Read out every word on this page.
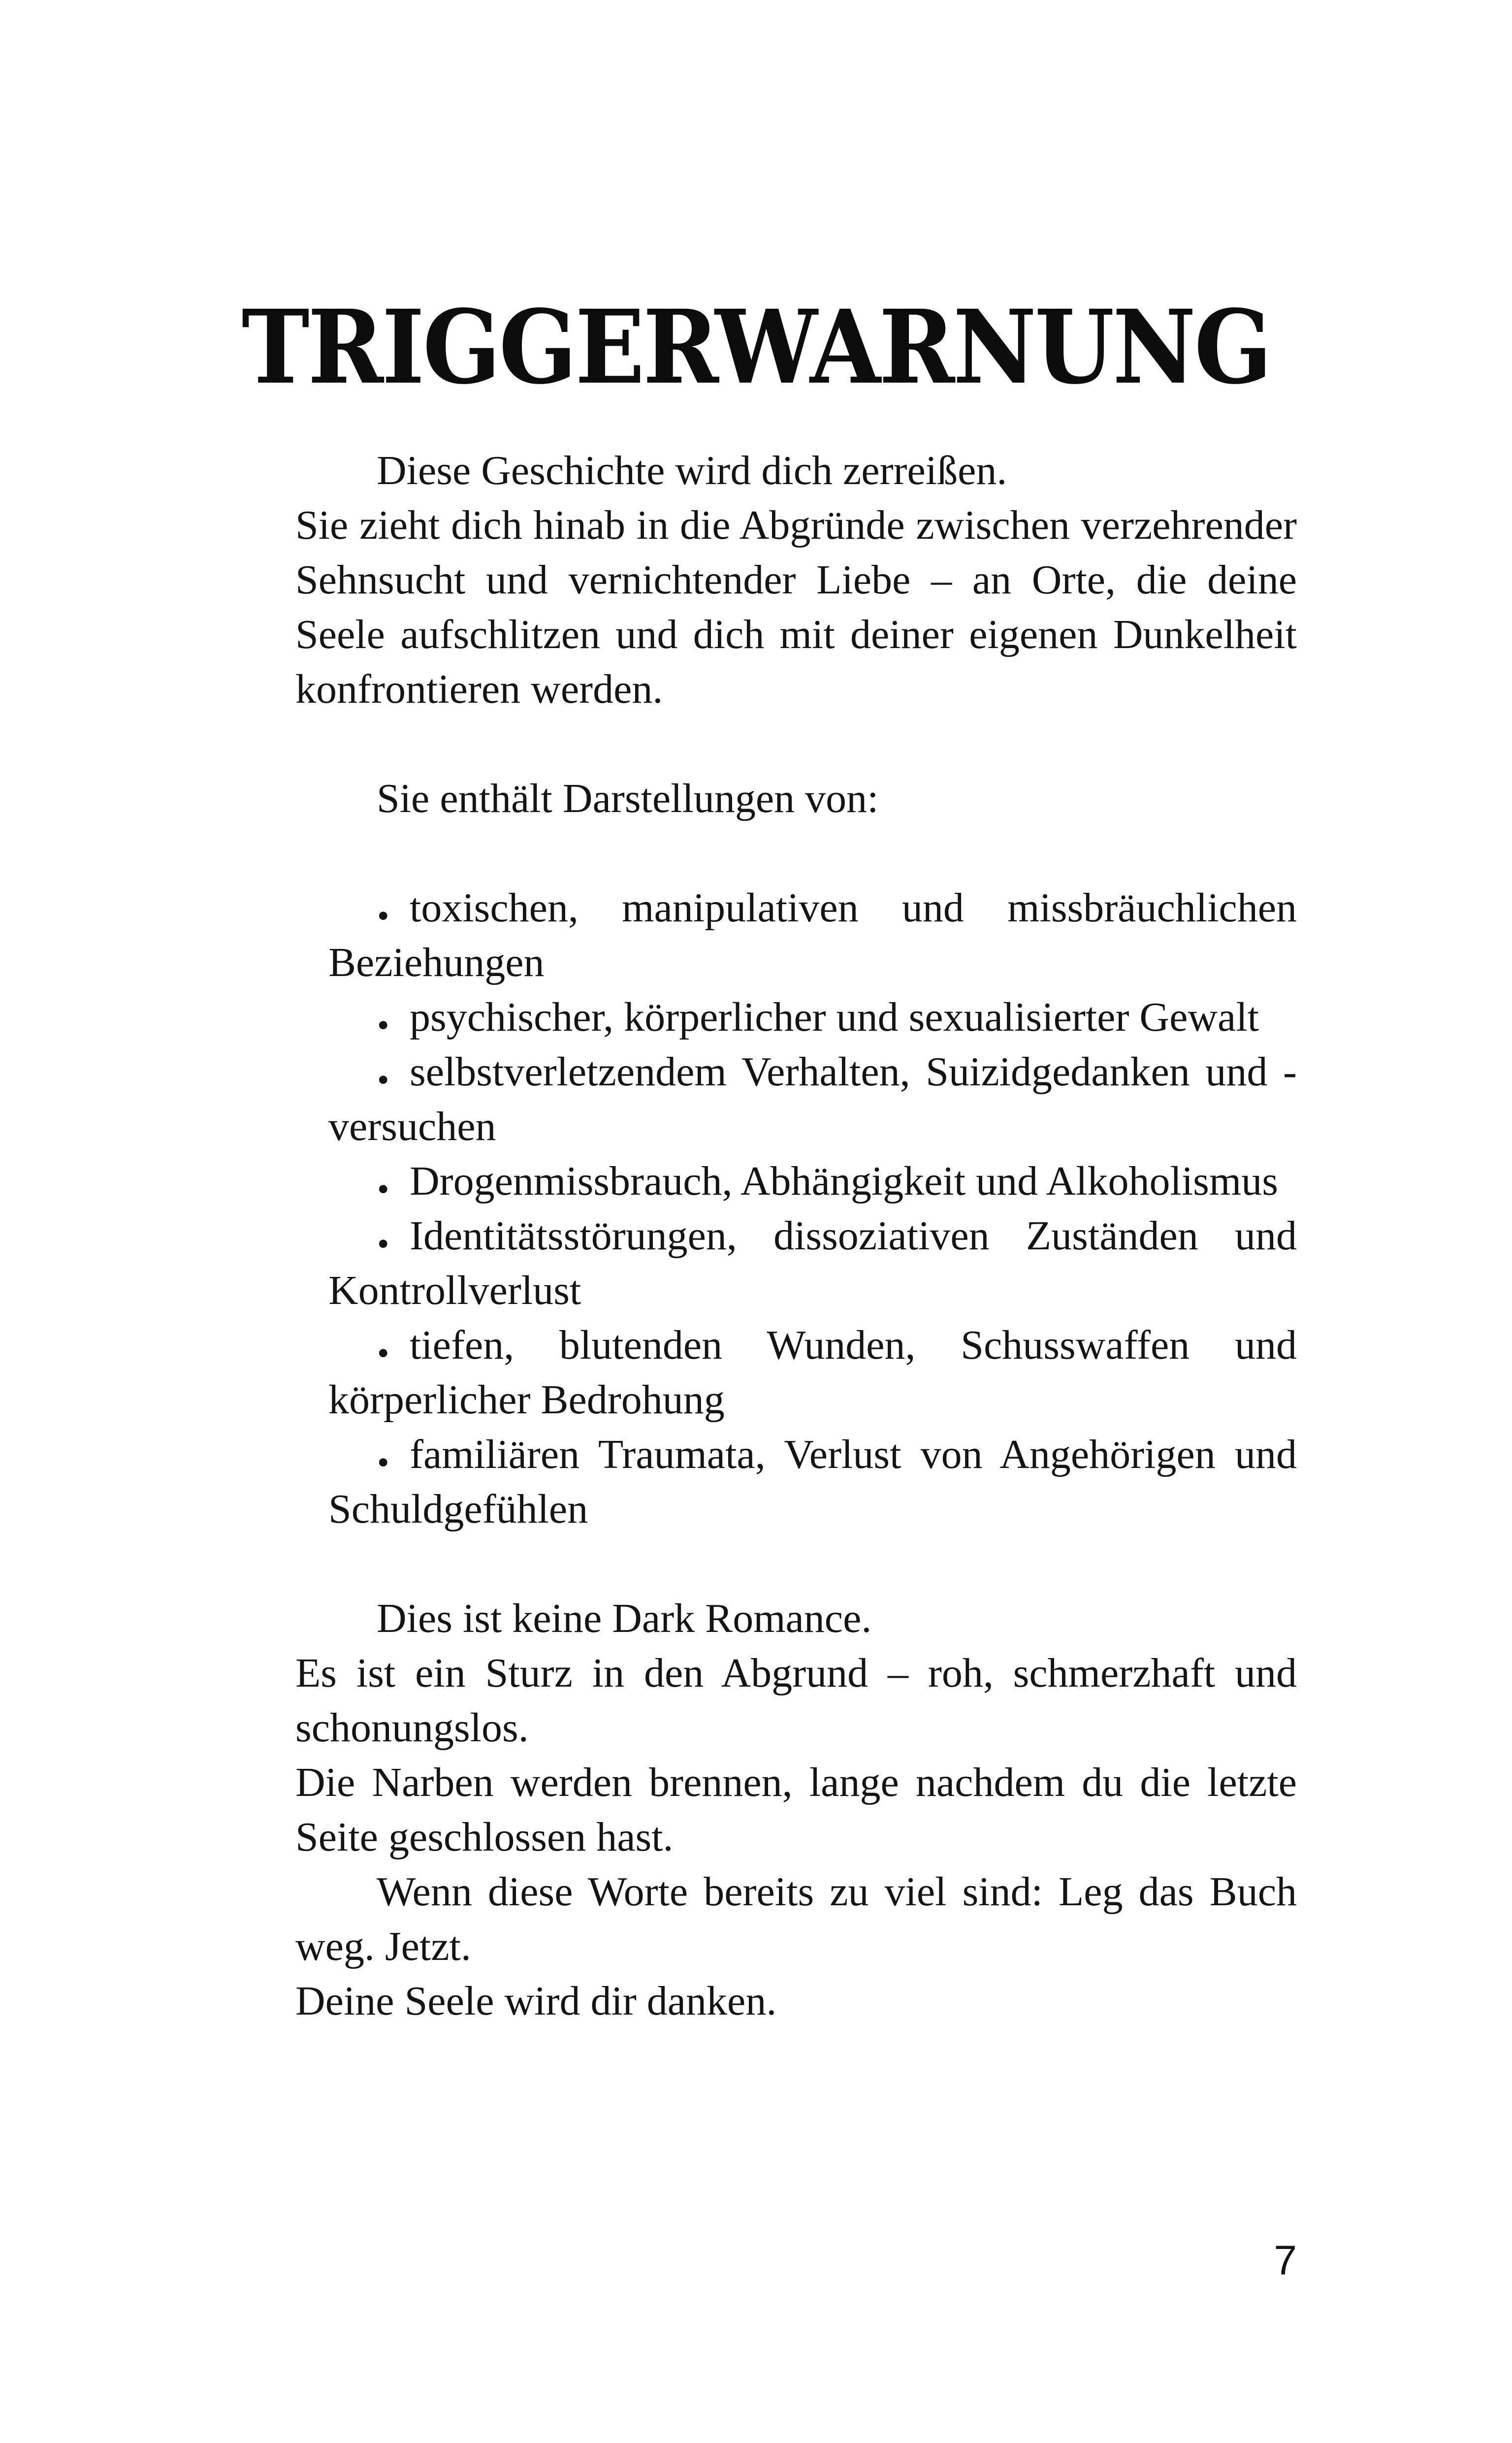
TRIGGERWARNUNG

Diese Geschichte wird dich zerreißen.

Sie zieht dich hinab in die Abgründe zwischen verzehrender Sehnsucht und vernichtender Liebe – an Orte, die deine Seele aufschlitzen und dich mit deiner eigenen Dunkelheit konfrontieren werden.

Sie enthält Darstellungen von:

• toxischen, manipulativen und missbräuchlichen Beziehungen
• psychischer, körperlicher und sexualisierter Gewalt
• selbstverletzendem Verhalten, Suizidgedanken und -versuchen
• Drogenmissbrauch, Abhängigkeit und Alkoholismus
• Identitätsstörungen, dissoziativen Zuständen und Kontrollverlust
• tiefen, blutenden Wunden, Schusswaffen und körperlicher Bedrohung
• familiären Traumata, Verlust von Angehörigen und Schuldgefühlen

Dies ist keine Dark Romance.

Es ist ein Sturz in den Abgrund – roh, schmerzhaft und schonungslos.

Die Narben werden brennen, lange nachdem du die letzte Seite geschlossen hast.

Wenn diese Worte bereits zu viel sind: Leg das Buch weg. Jetzt.

Deine Seele wird dir danken.

7
